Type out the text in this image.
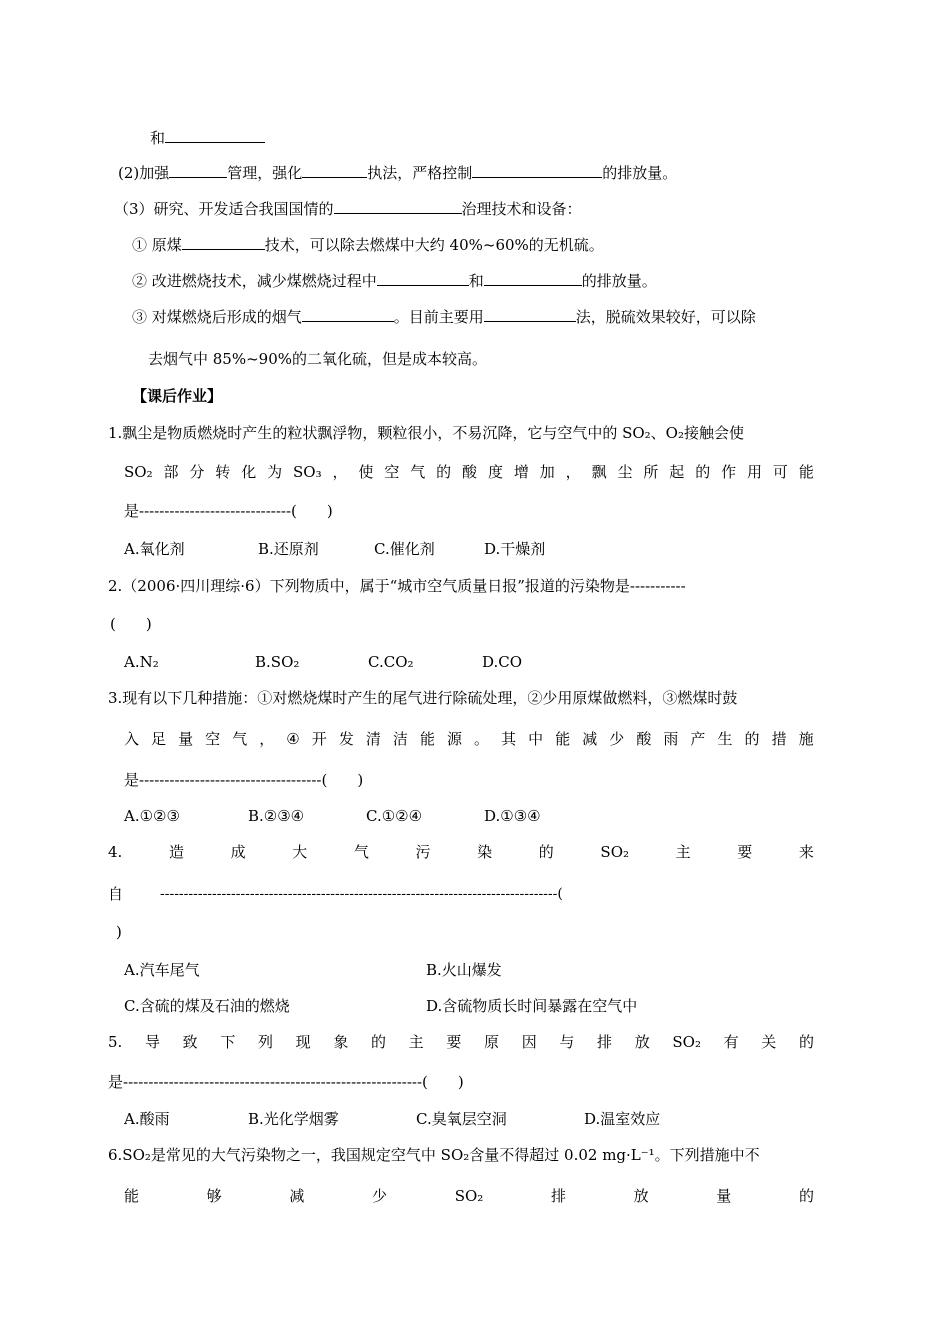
和
(2)加强	管理，强化	执法，严格控制	的排放量。
（3）研究、开发适合我国国情的	治理技术和设备：
① 原煤	技术，可以除去燃煤中大约 40%~60%的无机硫。
② 改进燃烧技术，减少煤燃烧过程中	和	的排放量。
③ 对煤燃烧后形成的烟气	。目前主要用	法，脱硫效果较好，可以除
去烟气中 85%~90%的二氧化硫，但是成本较高。
【课后作业】
1.飘尘是物质燃烧时产生的粒状飘浮物，颗粒很小，不易沉降，它与空气中的 SO₂、O₂接触会使
SO₂ 部 分 转 化 为 SO₃ ， 使 空 气 的 酸 度 增 加 ， 飘 尘 所 起 的 作 用 可 能
是------------------------------(　　)
A.氧化剂	B.还原剂	C.催化剂	D.干燥剂
2.（2006·四川理综·6）下列物质中，属于“城市空气质量日报”报道的污染物是-----------
(　　)
A.N₂	B.SO₂	C.CO₂	D.CO
3.现有以下几种措施：①对燃烧煤时产生的尾气进行除硫处理，②少用原煤做燃料，③燃煤时鼓
入 足 量 空 气 ， ④ 开 发 清 洁 能 源 。 其 中 能 减 少 酸 雨 产 生 的 措 施
是------------------------------------(　　)
A.①②③	B.②③④	C.①②④	D.①③④
4.	造	成	大	气	污	染	的	SO₂	主	要	来
自	------------------------------------------------------------------------------------(
)
A.汽车尾气	B.火山爆发
C.含硫的煤及石油的燃烧	D.含硫物质长时间暴露在空气中
5. 导 致 下 列 现 象 的 主 要 原 因 与 排 放 SO₂ 有 关 的
是-----------------------------------------------------------(　　)
A.酸雨	B.光化学烟雾	C.臭氧层空洞	D.温室效应
6.SO₂是常见的大气污染物之一，我国规定空气中 SO₂含量不得超过 0.02 mg·L⁻¹。下列措施中不
能	够	减	少	SO₂	排	放	量	的
